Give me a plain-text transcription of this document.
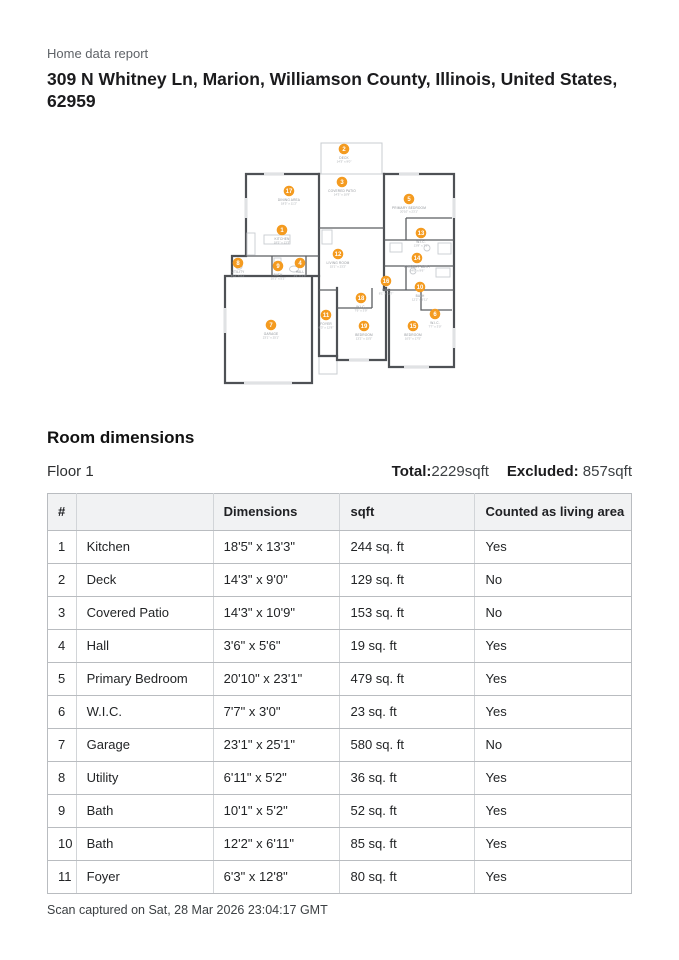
Home data report

309 N Whitney Ln, Marion, Williamson County, Illinois, United States, 62959
1
KITCHEN
18'5" x 13'3"
2
DECK
14'3" x 9'0"
3
COVERED PATIO
14'3" x 10'9"
4
HALL
3'6" x 5'6"
5
PRIMARY BEDROOM
20'10" x 23'1"
6
W.I.C.
7'7" x 3'0"
7
GARAGE
23'1" x 25'1"
8
UTILITY
6'11" x 5'2"
9
BATH
10'1" x 5'2"
10
BATH
12'2" x 6'11"
11
FOYER
6'3" x 12'8"
12
LIVING ROOM
15'1" x 23'2"
13
W.I.C.
13'8" x 7'1"
14
PRIMARY BATH
14'0" x 9'6"
15
BEDROOM
10'5" x 17'5"
16
HALL
8'1" x 11'7"
17
DINING AREA
18'5" x 11'2"
18
W.I.C.
7'9" x 3'9"
19
BEDROOM
13'2" x 15'5"
Room dimensions
Floor 1	Total:2229sqft Excluded: 857sqft
#		Dimensions	sqft	Counted as living area
1	Kitchen	18'5" x 13'3"	244 sq. ft	Yes
2	Deck	14'3" x 9'0"	129 sq. ft	No
3	Covered Patio	14'3" x 10'9"	153 sq. ft	No
4	Hall	3'6" x 5'6"	19 sq. ft	Yes
5	Primary Bedroom	20'10" x 23'1"	479 sq. ft	Yes
6	W.I.C.	7'7" x 3'0"	23 sq. ft	Yes
7	Garage	23'1" x 25'1"	580 sq. ft	No
8	Utility	6'11" x 5'2"	36 sq. ft	Yes
9	Bath	10'1" x 5'2"	52 sq. ft	Yes
10	Bath	12'2" x 6'11"	85 sq. ft	Yes
11	Foyer	6'3" x 12'8"	80 sq. ft	Yes

Scan captured on Sat, 28 Mar 2026 23:04:17 GMT
